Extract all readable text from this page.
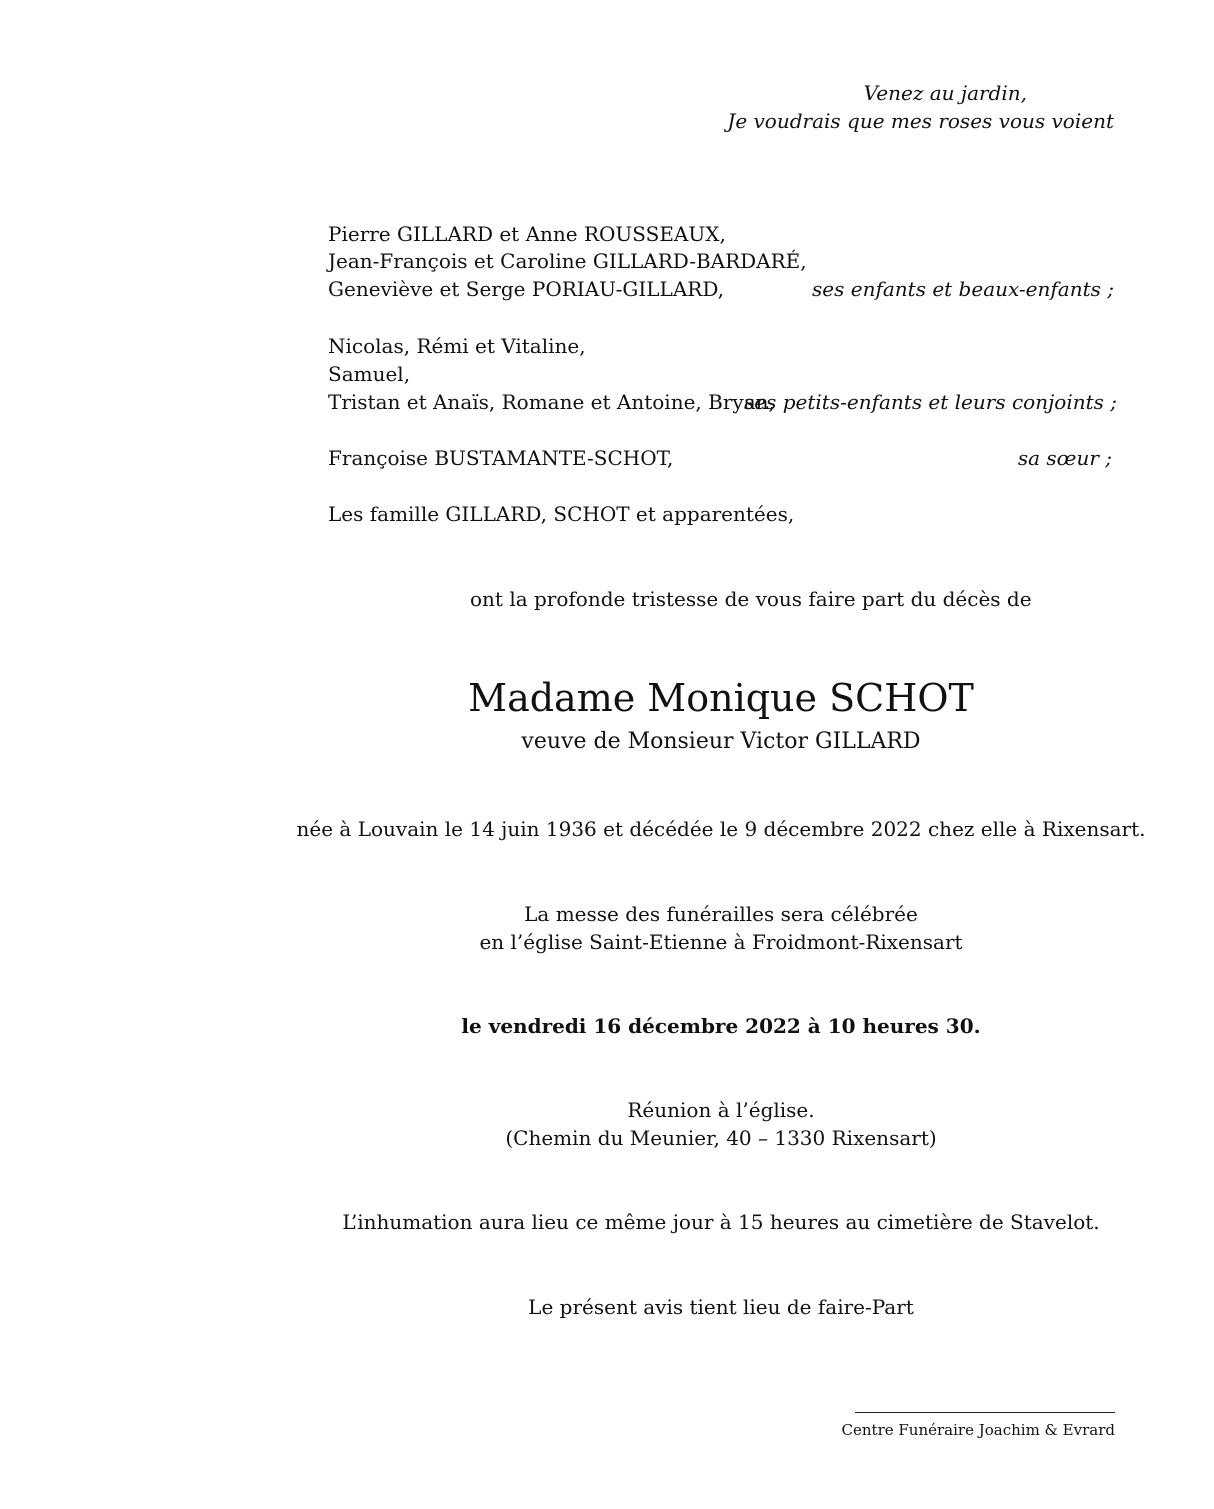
Venez au jardin,
Je voudrais que mes roses vous voient
Pierre GILLARD et Anne ROUSSEAUX,
Jean-François et Caroline GILLARD-BARDARÉ,
Geneviève et Serge PORIAU-GILLARD,	ses enfants et beaux-enfants ;
Nicolas, Rémi et Vitaline,
Samuel,
Tristan et Anaïs, Romane et Antoine, Bryan,
ses petits-enfants et leurs conjoints ;
Françoise BUSTAMANTE-SCHOT,	sa sœur ;
Les famille GILLARD, SCHOT et apparentées,
ont la profonde tristesse de vous faire part du décès de
Madame Monique SCHOT
veuve de Monsieur Victor GILLARD
née à Louvain le 14 juin 1936 et décédée le 9 décembre 2022 chez elle à Rixensart.
La messe des funérailles sera célébrée
en l’église Saint-Etienne à Froidmont-Rixensart
le vendredi 16 décembre 2022 à 10 heures 30.
Réunion à l’église.
(Chemin du Meunier, 40 – 1330 Rixensart)
L’inhumation aura lieu ce même jour à 15 heures au cimetière de Stavelot.
Le présent avis tient lieu de faire-Part
Centre Funéraire Joachim & Evrard
